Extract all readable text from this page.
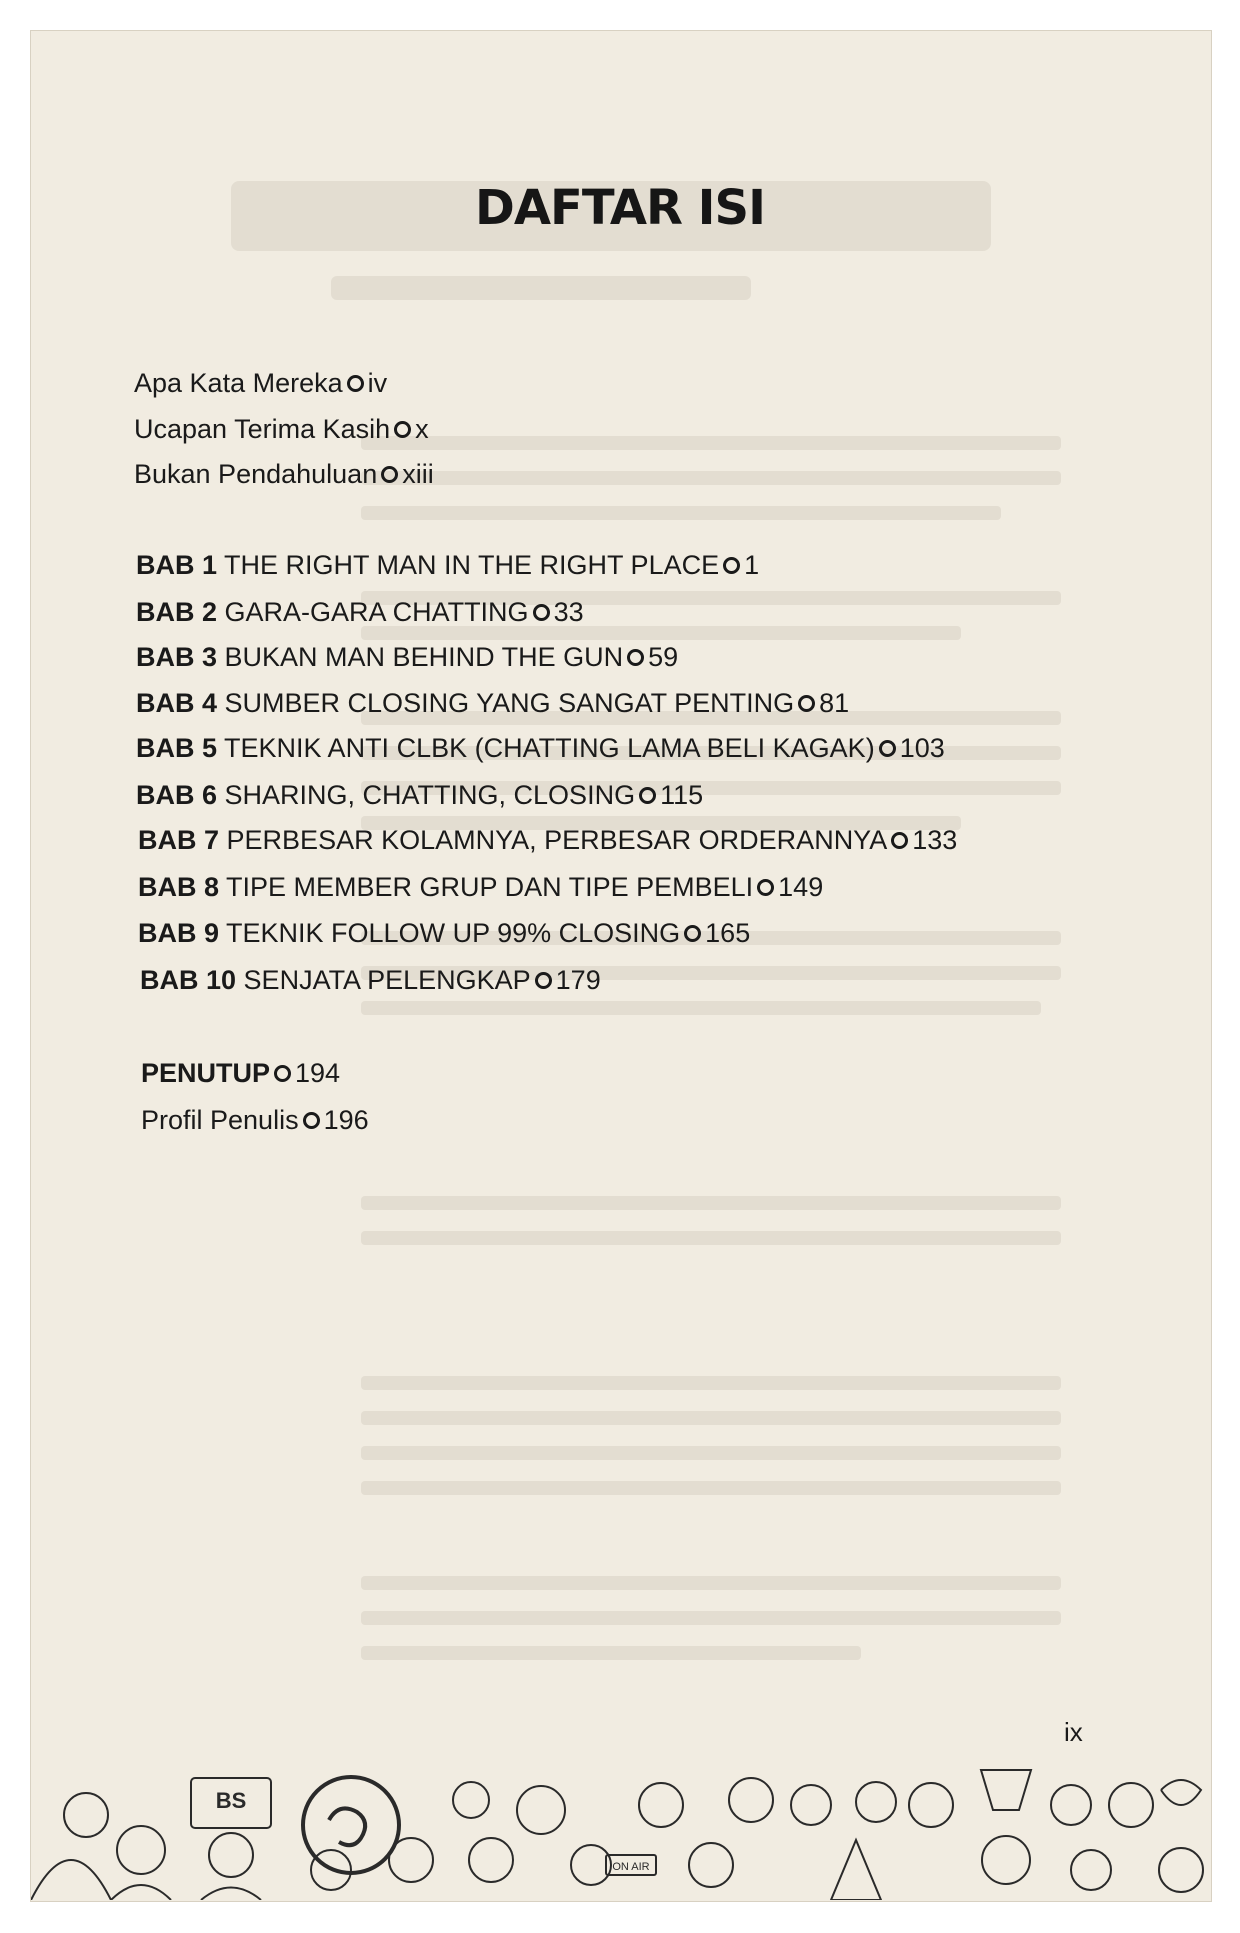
DAFTAR ISI
Apa Kata Mereka iv
Ucapan Terima Kasih x
Bukan Pendahuluan xiii
BAB 1 THE RIGHT MAN IN THE RIGHT PLACE 1
BAB 2 GARA-GARA CHATTING 33
BAB 3 BUKAN MAN BEHIND THE GUN 59
BAB 4 SUMBER CLOSING YANG SANGAT PENTING 81
BAB 5 TEKNIK ANTI CLBK (CHATTING LAMA BELI KAGAK) 103
BAB 6 SHARING, CHATTING, CLOSING 115
BAB 7 PERBESAR KOLAMNYA, PERBESAR ORDERANNYA 133
BAB 8 TIPE MEMBER GRUP DAN TIPE PEMBELI 149
BAB 9 TEKNIK FOLLOW UP 99% CLOSING 165
BAB 10 SENJATA PELENGKAP 179
PENUTUP 194
Profil Penulis 196
ix
BS
ON AIR
